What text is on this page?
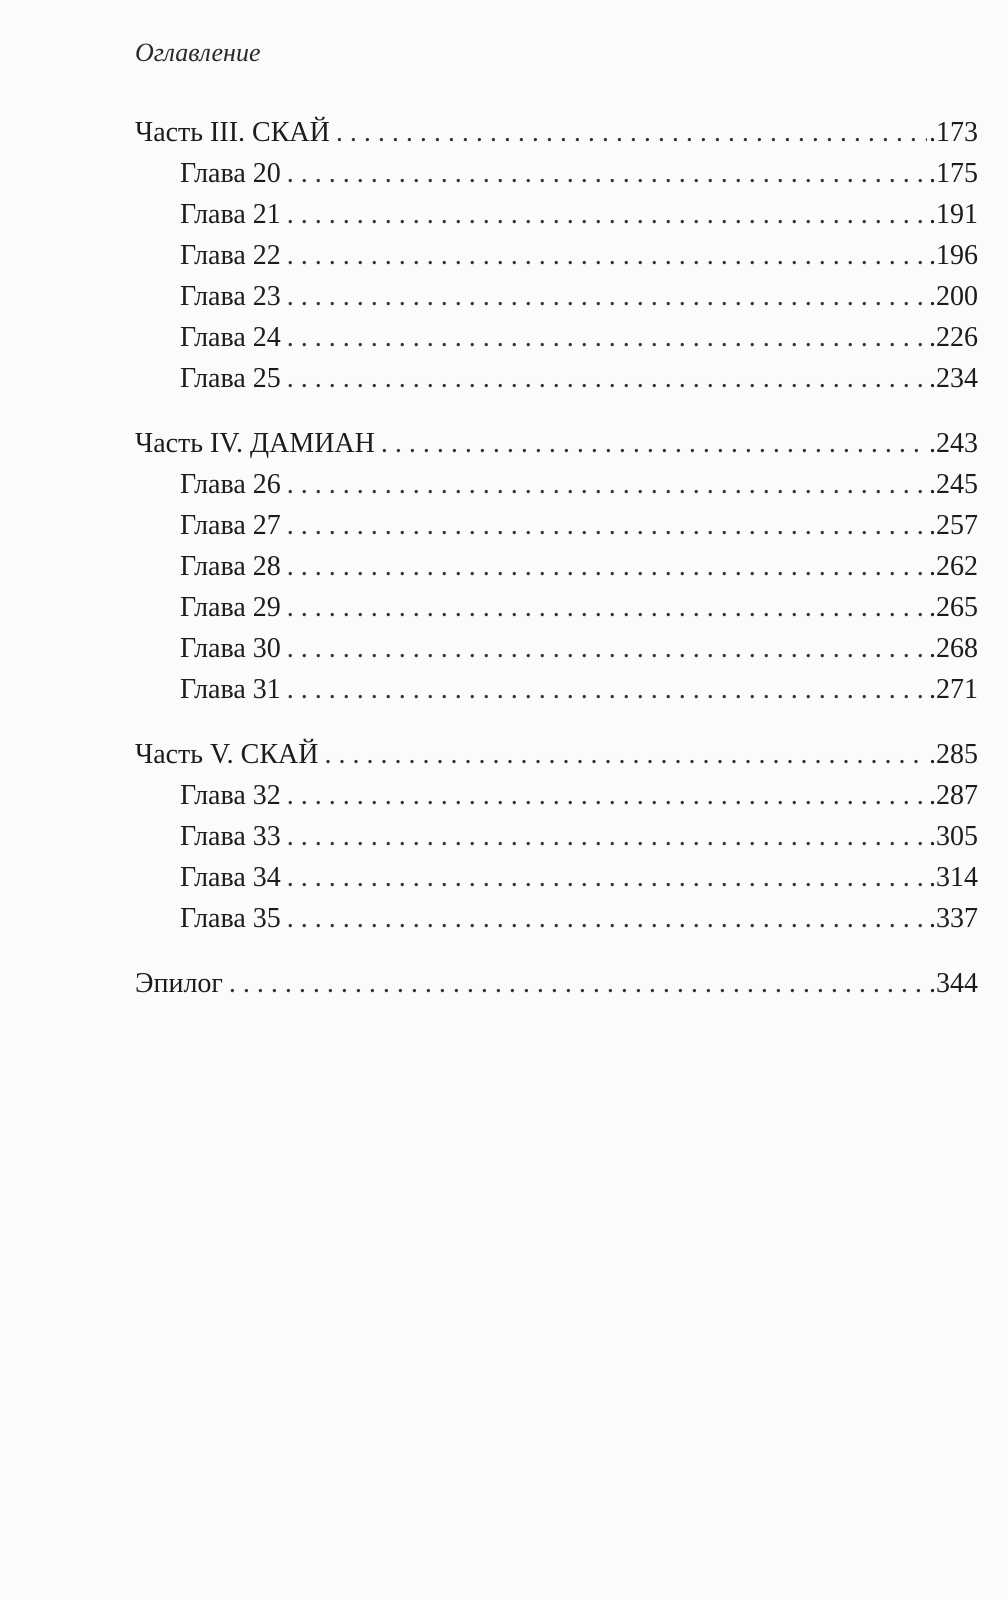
Оглавление
Часть III. СКАЙ . . .	.173
Глава 20 . . .	.175
Глава 21 . . .	.191
Глава 22 . . .	.196
Глава 23 . . .	.200
Глава 24 . . .	.226
Глава 25 . . .	.234
Часть IV. ДАМИАН . . .	.243
Глава 26 . . .	.245
Глава 27 . . .	.257
Глава 28 . . .	.262
Глава 29 . . .	.265
Глава 30 . . .	.268
Глава 31 . . .	.271
Часть V. СКАЙ . . .	.285
Глава 32 . . .	.287
Глава 33 . . .	.305
Глава 34 . . .	.314
Глава 35 . . .	.337
Эпилог . . .	.344
